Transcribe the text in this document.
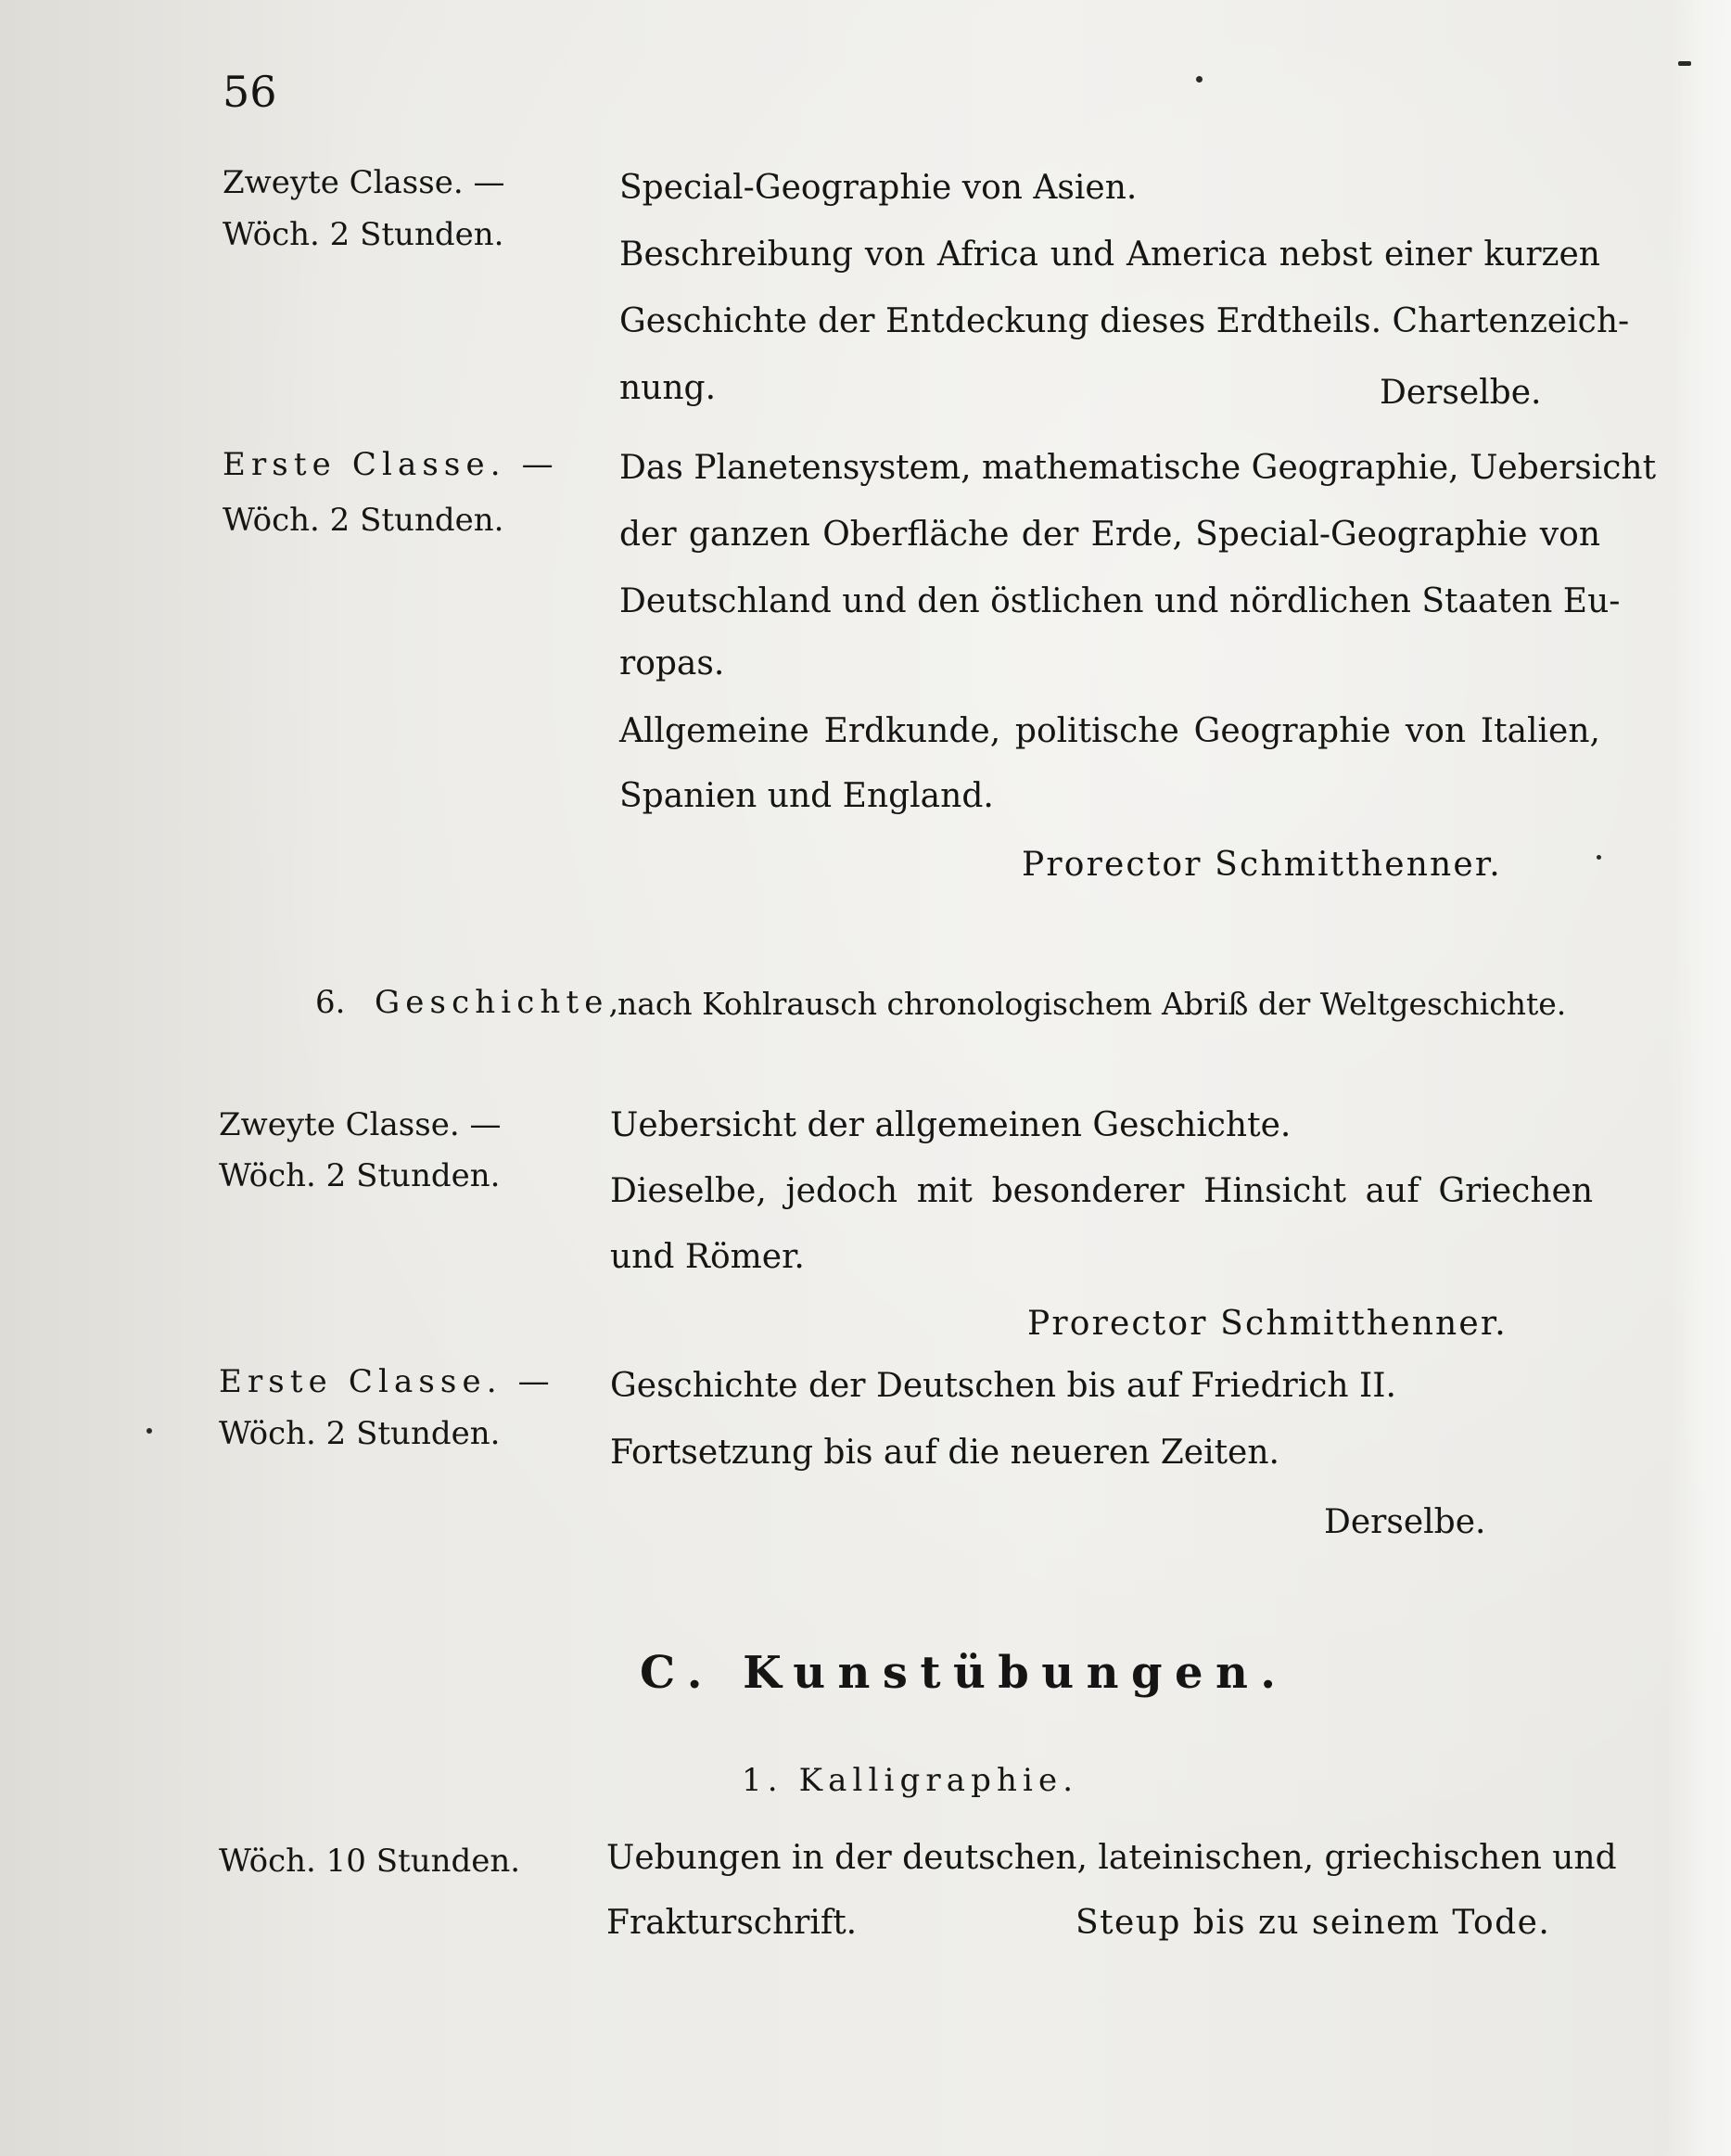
56
Zweyte Classe. —
Wöch. 2 Stunden.
Special-Geographie von Asien.
Beschreibung von Africa und America nebst einer kurzen
Geschichte der Entdeckung dieses Erdtheils. Chartenzeich-
nung.	Derselbe.
Erste Classe. —
Wöch. 2 Stunden.
Das Planetensystem, mathematische Geographie, Uebersicht
der ganzen Oberfläche der Erde, Special-Geographie von
Deutschland und den östlichen und nördlichen Staaten Eu-
ropas.
Allgemeine Erdkunde, politische Geographie von Italien,
Spanien und England.
Prorector Schmitthenner.
6. Geschichte,
nach Kohlrausch chronologischem Abriß der Weltgeschichte.
Zweyte Classe. —
Wöch. 2 Stunden.
Uebersicht der allgemeinen Geschichte.
Dieselbe, jedoch mit besonderer Hinsicht auf Griechen
und Römer.
Prorector Schmitthenner.
Erste Classe. —
Wöch. 2 Stunden.
Geschichte der Deutschen bis auf Friedrich II.
Fortsetzung bis auf die neueren Zeiten.
Derselbe.
C. Kunstübungen.
1. Kalligraphie.
Wöch. 10 Stunden.	Uebungen in der deutschen, lateinischen, griechischen und
Frakturschrift.	Steup bis zu seinem Tode.
